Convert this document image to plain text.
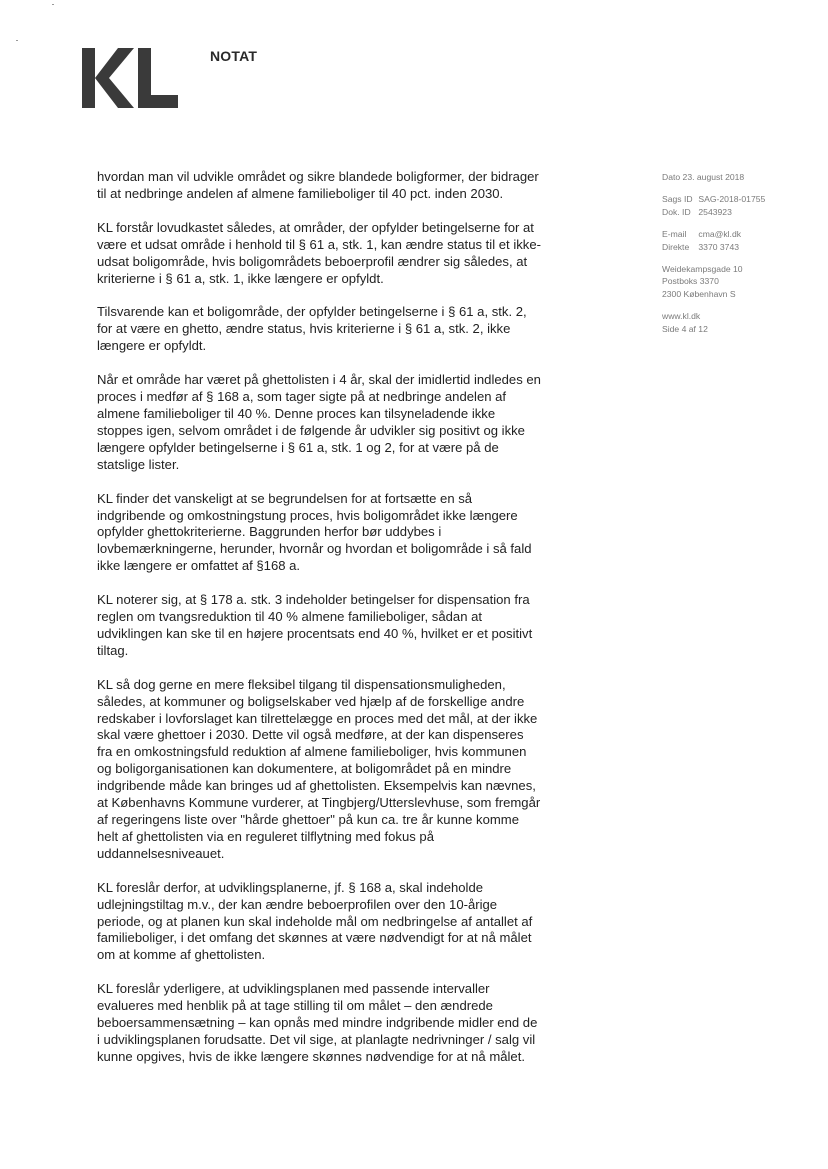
NOTAT
Dato 23. august 2018
Sags ID SAG-2018-01755
Dok. ID 2543923
E-mail cma@kl.dk
Direkte 3370 3743
Weidekampsgade 10
Postboks 3370
2300 København S
www.kl.dk
Side 4 af 12

hvordan man vil udvikle området og sikre blandede boligformer, der bidrager
til at nedbringe andelen af almene familieboliger til 40 pct. inden 2030.

KL forstår lovudkastet således, at områder, der opfylder betingelserne for at
være et udsat område i henhold til § 61 a, stk. 1, kan ændre status til et ikke-
udsat boligområde, hvis boligområdets beboerprofil ændrer sig således, at
kriterierne i § 61 a, stk. 1, ikke længere er opfyldt.

Tilsvarende kan et boligområde, der opfylder betingelserne i § 61 a, stk. 2,
for at være en ghetto, ændre status, hvis kriterierne i § 61 a, stk. 2, ikke
længere er opfyldt.

Når et område har været på ghettolisten i 4 år, skal der imidlertid indledes en
proces i medfør af § 168 a, som tager sigte på at nedbringe andelen af
almene familieboliger til 40 %. Denne proces kan tilsyneladende ikke
stoppes igen, selvom området i de følgende år udvikler sig positivt og ikke
længere opfylder betingelserne i § 61 a, stk. 1 og 2, for at være på de
statslige lister.

KL finder det vanskeligt at se begrundelsen for at fortsætte en så
indgribende og omkostningstung proces, hvis boligområdet ikke længere
opfylder ghettokriterierne. Baggrunden herfor bør uddybes i
lovbemærkningerne, herunder, hvornår og hvordan et boligområde i så fald
ikke længere er omfattet af §168 a.

KL noterer sig, at § 178 a. stk. 3 indeholder betingelser for dispensation fra
reglen om tvangsreduktion til 40 % almene familieboliger, sådan at
udviklingen kan ske til en højere procentsats end 40 %, hvilket er et positivt
tiltag.

KL så dog gerne en mere fleksibel tilgang til dispensationsmuligheden,
således, at kommuner og boligselskaber ved hjælp af de forskellige andre
redskaber i lovforslaget kan tilrettelægge en proces med det mål, at der ikke
skal være ghettoer i 2030. Dette vil også medføre, at der kan dispenseres
fra en omkostningsfuld reduktion af almene familieboliger, hvis kommunen
og boligorganisationen kan dokumentere, at boligområdet på en mindre
indgribende måde kan bringes ud af ghettolisten. Eksempelvis kan nævnes,
at Københavns Kommune vurderer, at Tingbjerg/Utterslevhuse, som fremgår
af regeringens liste over "hårde ghettoer" på kun ca. tre år kunne komme
helt af ghettolisten via en reguleret tilflytning med fokus på
uddannelsesniveauet.

KL foreslår derfor, at udviklingsplanerne, jf. § 168 a, skal indeholde
udlejningstiltag m.v., der kan ændre beboerprofilen over den 10-årige
periode, og at planen kun skal indeholde mål om nedbringelse af antallet af
familieboliger, i det omfang det skønnes at være nødvendigt for at nå målet
om at komme af ghettolisten.

KL foreslår yderligere, at udviklingsplanen med passende intervaller
evalueres med henblik på at tage stilling til om målet – den ændrede
beboersammensætning – kan opnås med mindre indgribende midler end de
i udviklingsplanen forudsatte. Det vil sige, at planlagte nedrivninger / salg vil
kunne opgives, hvis de ikke længere skønnes nødvendige for at nå målet.
